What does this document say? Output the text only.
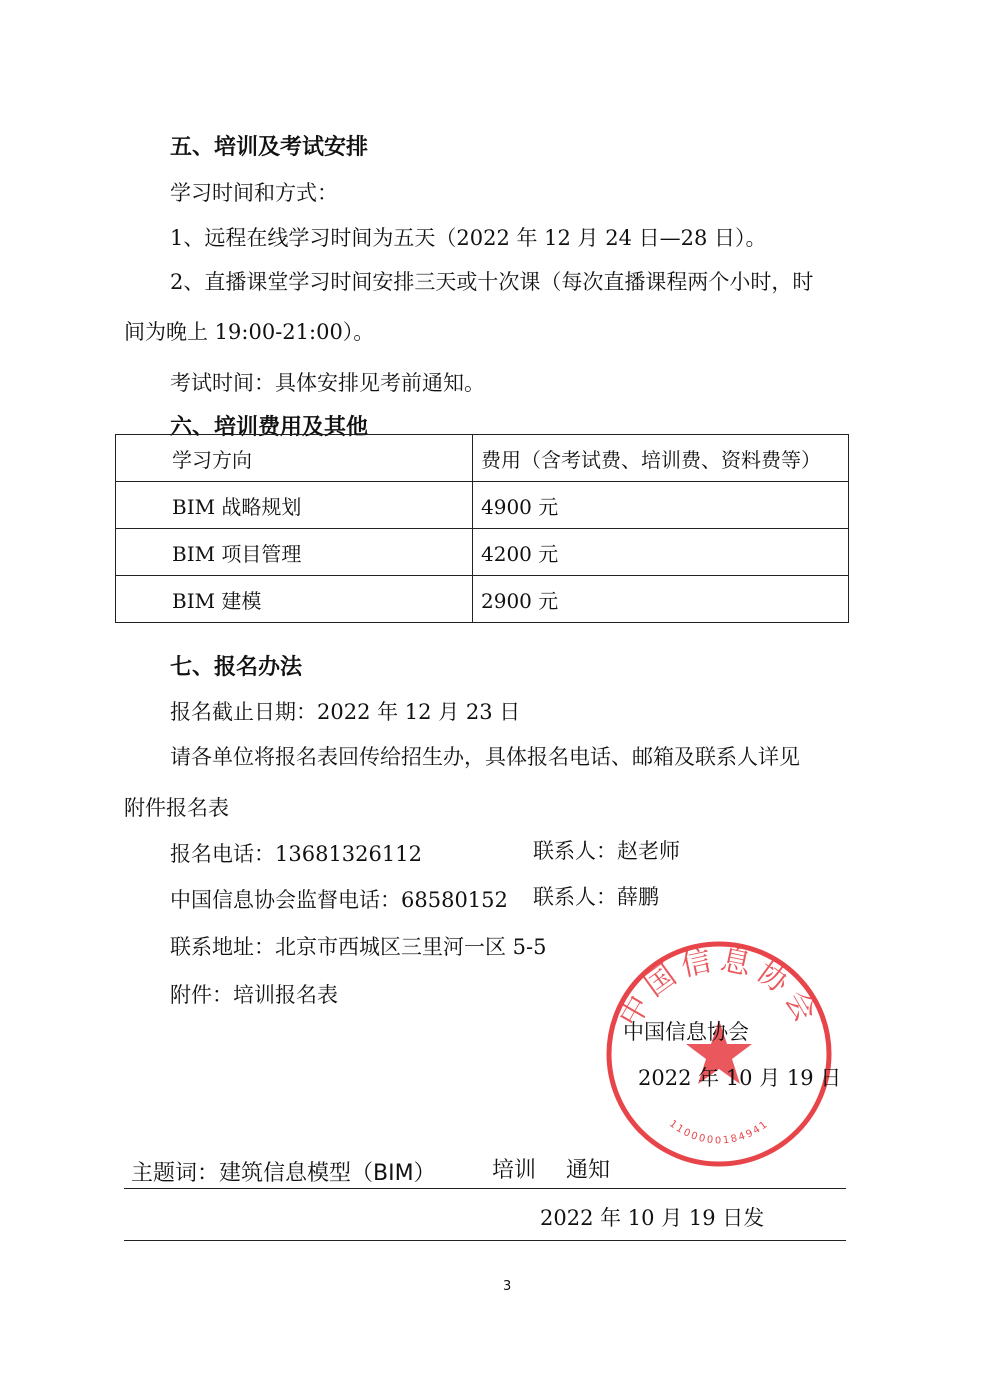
五、培训及考试安排
学习时间和方式：
1、远程在线学习时间为五天（2022 年 12 月 24 日—28 日）。
2、直播课堂学习时间安排三天或十次课（每次直播课程两个小时，时
间为晚上 19:00-21:00）。
考试时间：具体安排见考前通知。
六、培训费用及其他
学习方向	费用（含考试费、培训费、资料费等）
BIM 战略规划	4900 元
BIM 项目管理	4200 元
BIM 建模	2900 元
七、报名办法
报名截止日期：2022 年 12 月 23 日
请各单位将报名表回传给招生办，具体报名电话、邮箱及联系人详见
附件报名表
报名电话：13681326112	联系人：赵老师
中国信息协会监督电话：68580152 联系人：薛鹏
联系地址：北京市西城区三里河一区 5-5
附件：培训报名表	中国信息协会
1100000184941
中国信息协会
2022 年 10 月 19 日
主题词：建筑信息模型（BIM）	培训 通知
2022 年 10 月 19 日发
3
